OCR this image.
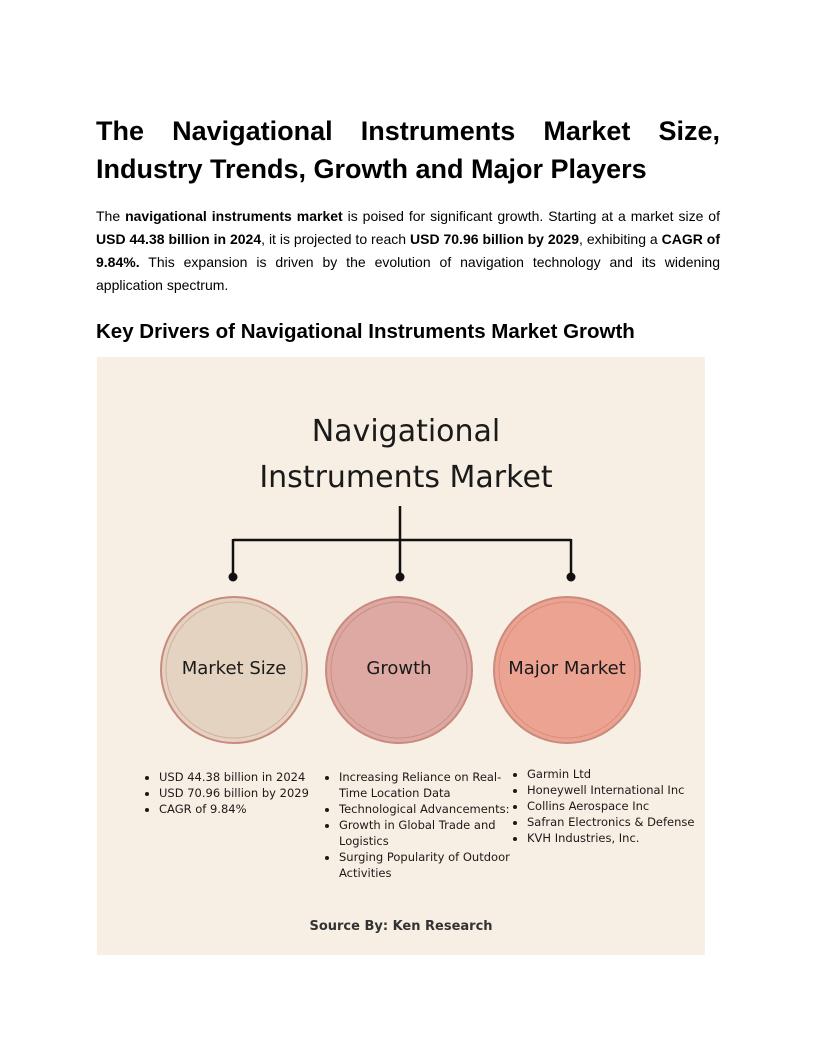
The Navigational Instruments Market Size,
Industry Trends, Growth and Major Players

The navigational instruments market is poised for significant growth. Starting at a market size of USD 44.38 billion in 2024, it is projected to reach USD 70.96 billion by 2029, exhibiting a CAGR of 9.84%. This expansion is driven by the evolution of navigation technology and its widening application spectrum.

Key Drivers of Navigational Instruments Market Growth
Navigational
Instruments Market
Market Size	Growth	Major Market
• USD 44.38 billion in 2024
• USD 70.96 billion by 2029
• CAGR of 9.84%
• Increasing Reliance on Real-Time Location Data
• Technological Advancements:
• Growth in Global Trade and Logistics
• Surging Popularity of Outdoor Activities
• Garmin Ltd
• Honeywell International Inc
• Collins Aerospace Inc
• Safran Electronics & Defense
• KVH Industries, Inc.
Source By: Ken Research
